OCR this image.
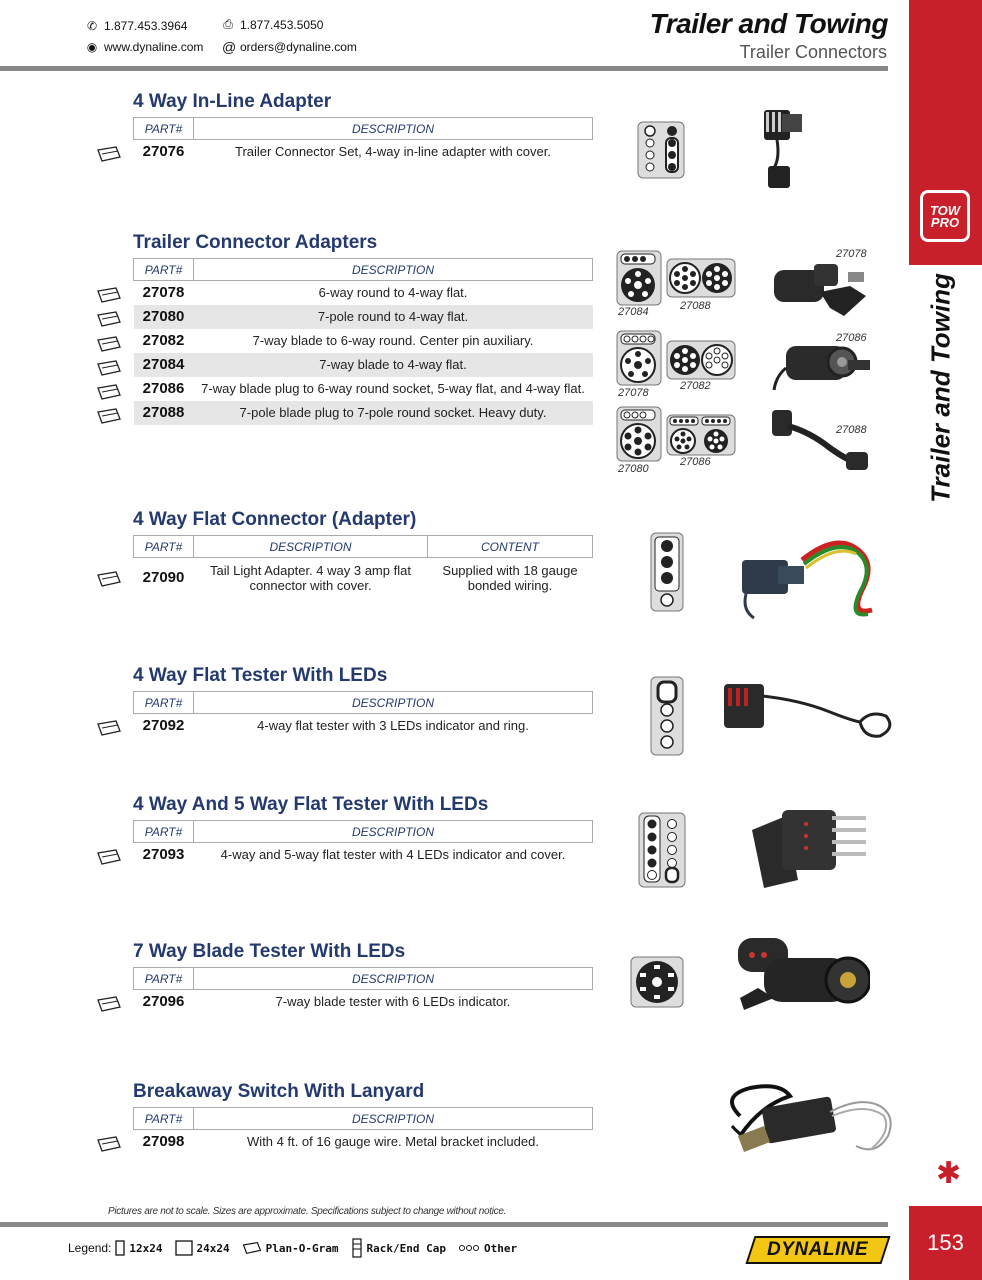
✆ 1.877.453.3964	⎙ 1.877.453.5050
◉ www.dynaline.com @ orders@dynaline.com
Trailer and Towing
Trailer Connectors
TOW PRO
Trailer and Towing
✱
4 Way In-Line Adapter
PART#	DESCRIPTION
27076	Trailer Connector Set, 4-way in-line adapter with cover.
Trailer Connector Adapters
PART#	DESCRIPTION
27078	6-way round to 4-way flat.
27080	7-pole round to 4-way flat.
27082	7-way blade to 6-way round. Center pin auxiliary.
27084	7-way blade to 4-way flat.
27086	7-way blade plug to 6-way round socket, 5-way flat, and 4-way flat.
27088	7-pole blade plug to 7-pole round socket. Heavy duty.
27084	27088
27078
27082
27080
27086
27078
27086
27088
4 Way Flat Connector (Adapter)
PART#	DESCRIPTION	CONTENT
27090	Tail Light Adapter. 4 way 3 amp flat connector with cover.	Supplied with 18 gauge bonded wiring.
4 Way Flat Tester With LEDs
PART#	DESCRIPTION
27092	4-way flat tester with 3 LEDs indicator and ring.
4 Way And 5 Way Flat Tester With LEDs
PART#	DESCRIPTION
27093	4-way and 5-way flat tester with 4 LEDs indicator and cover.
7 Way Blade Tester With LEDs
PART#	DESCRIPTION
27096	7-way blade tester with 6 LEDs indicator.
Breakaway Switch With Lanyard
PART#	DESCRIPTION
27098	With 4 ft. of 16 gauge wire. Metal bracket included.
Pictures are not to scale. Sizes are approximate. Specifications subject to change without notice.
Legend: 12x24	24x24	Plan-O-Gram	Rack/End Cap	Other	DYNALINE	153
